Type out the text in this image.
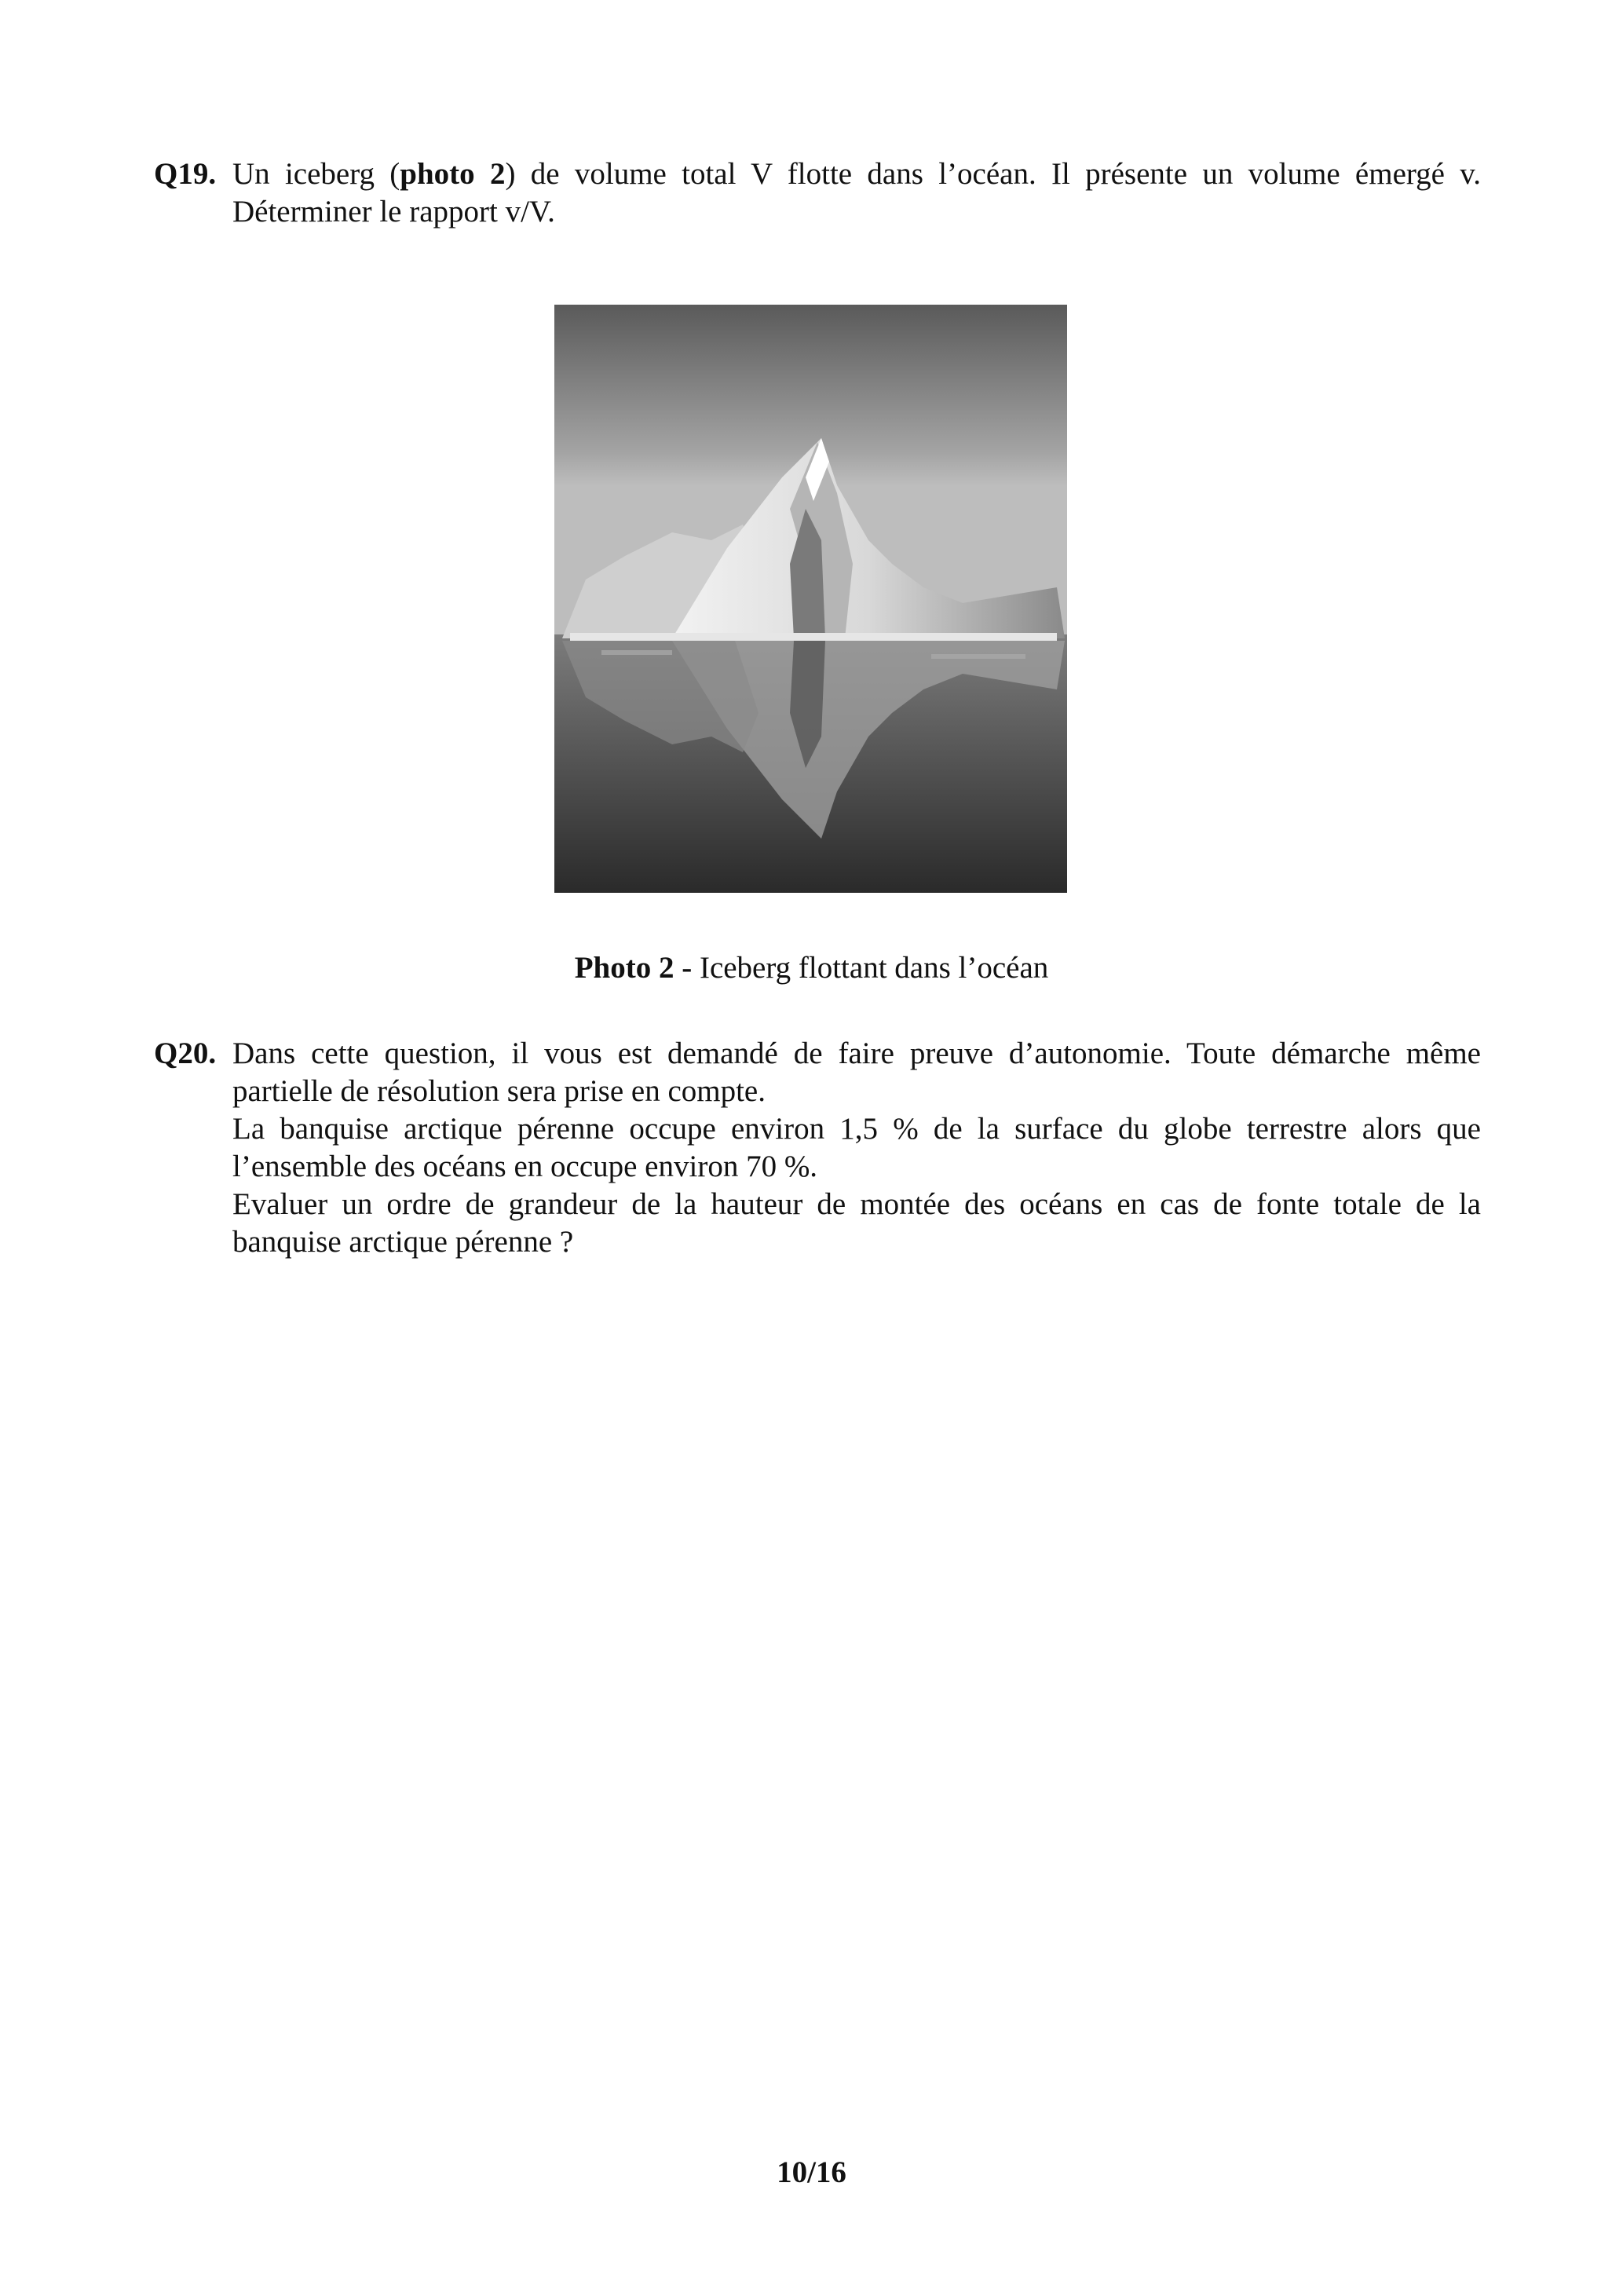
Q19. Un iceberg (photo 2) de volume total V flotte dans l’océan. Il présente un volume émergé v.
Déterminer le rapport v/V.
Photo 2 - Iceberg flottant dans l’océan
Q20. Dans cette question, il vous est demandé de faire preuve d’autonomie. Toute démarche même
partielle de résolution sera prise en compte.
La banquise arctique pérenne occupe environ 1,5 % de la surface du globe terrestre alors que
l’ensemble des océans en occupe environ 70 %.
Evaluer un ordre de grandeur de la hauteur de montée des océans en cas de fonte totale de la
banquise arctique pérenne ?
10/16
